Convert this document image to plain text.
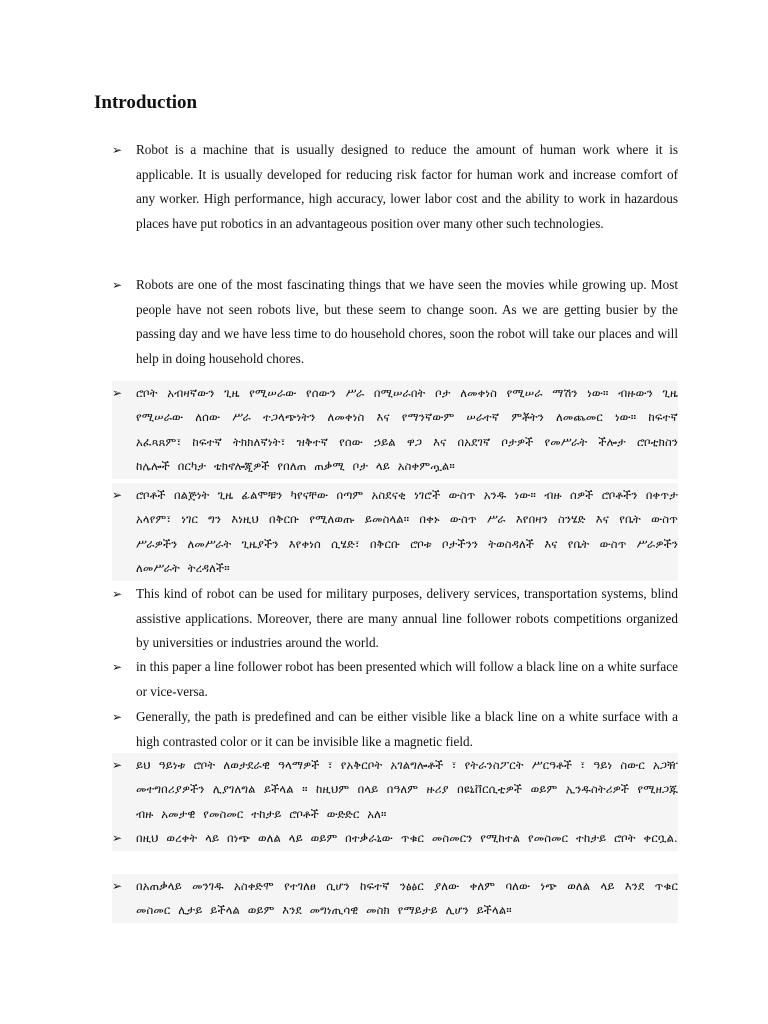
Introduction
➢	Robot is a machine that is usually designed to reduce the amount of human work where it is applicable. It is usually developed for reducing risk factor for human work and increase comfort of any worker. High performance, high accuracy, lower labor cost and the ability to work in hazardous places have put robotics in an advantageous position over many other such technologies.
➢	Robots are one of the most fascinating things that we have seen the movies while growing up. Most people have not seen robots live, but these seem to change soon. As we are getting busier by the passing day and we have less time to do household chores, soon the robot will take our places and will help in doing household chores.
➢	ሮቦት አብዛኛውን ጊዜ የሚሠራው የሰውን ሥራ በሚሠራበት ቦታ ለመቀነስ የሚሠራ ማሽን ነው። ብዙውን ጊዜ የሚሠራው ለሰው ሥራ ተጋላጭነትን ለመቀነስ እና የማንኛውም ሠራተኛ ምቾትን ለመጨመር ነው። ከፍተኛ አፈጻጸም፣ ከፍተኛ ትክክለኛነት፣ ዝቅተኛ የሰው ኃይል ዋጋ እና በአደገኛ ቦታዎች የመሥራት ችሎታ ሮቦቲክስን ከሌሎች በርካታ ቴክኖሎጂዎች የበለጠ ጠቃሚ ቦታ ላይ አስቀምጧል።
➢	ሮቦቶች በልጅነት ጊዜ ፊልሞቹን ካየናቸው በጣም አስደናቂ ነገሮች ውስጥ አንዱ ነው። ብዙ ሰዎች ሮቦቶችን በቀጥታ አላየም፣ ነገር ግን እነዚህ በቅርቡ የሚለወጡ ይመስላል። በቀኑ ውስጥ ሥራ እየበዛን ስንሄድ እና የቤት ውስጥ ሥራዎችን ለመሥራት ጊዜያችን እየቀነሰ ሲሄድ፣ በቅርቡ ሮቦቱ ቦታችንን ትወስዳለች እና የቤት ውስጥ ሥራዎችን ለመሥራት ትረዳለች።
➢	This kind of robot can be used for military purposes, delivery services, transportation systems, blind assistive applications. Moreover, there are many annual line follower robots competitions organized by universities or industries around the world.
➢	in this paper a line follower robot has been presented which will follow a black line on a white surface or vice-versa.
➢	Generally, the path is predefined and can be either visible like a black line on a white surface with a high contrasted color or it can be invisible like a magnetic field.
➢	ይህ ዓይነቱ ሮቦት ለወታደራዊ ዓላማዎች ፣ የአቅርቦት አገልግሎቶች ፣ የትራንስፖርት ሥርዓቶች ፣ ዓይነ ስውር አጋዥ መተግበሪያዎችን ሊያገለግል ይችላል ። ከዚህም በላይ በዓለም ዙሪያ በዩኒቨርሲቲዎች ወይም ኢንዱስትሪዎች የሚዘጋጁ ብዙ አመታዊ የመስመር ተከታይ ሮቦቶች ውድድር አለ።
➢	በዚህ ወረቀት ላይ በነጭ ወለል ላይ ወይም በተቃራኒው ጥቁር መስመርን የሚከተል የመስመር ተከታይ ሮቦት ቀርቧል.
➢	በአጠቃላይ መንገዱ አስቀድሞ የተገለፀ ሲሆን ከፍተኛ ንፅፅር ያለው ቀለም ባለው ነጭ ወለል ላይ እንደ ጥቁር መስመር ሊታይ ይችላል ወይም እንደ መግነጢሳዊ መስክ የማይታይ ሊሆን ይችላል።
